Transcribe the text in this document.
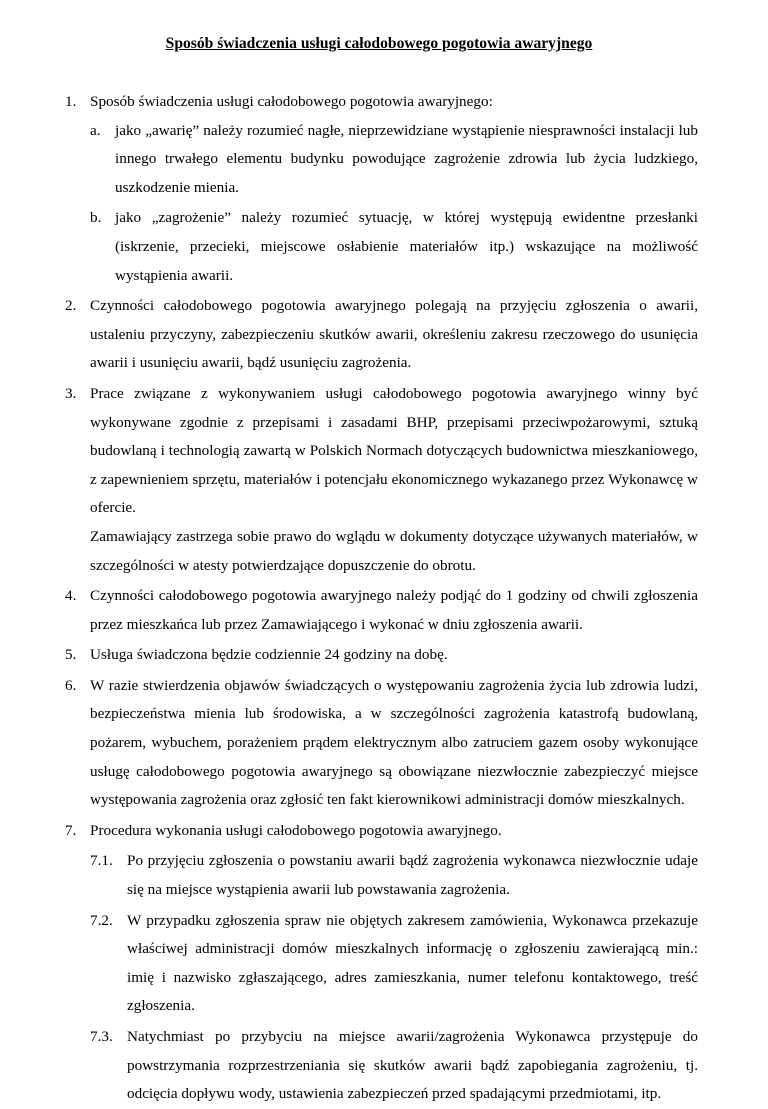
Sposób świadczenia usługi całodobowego pogotowia awaryjnego
1. Sposób świadczenia usługi całodobowego pogotowia awaryjnego:
a. jako „awarię” należy rozumieć nagłe, nieprzewidziane wystąpienie niesprawności instalacji lub innego trwałego elementu budynku powodujące zagrożenie zdrowia lub życia ludzkiego, uszkodzenie mienia.
b. jako „zagrożenie” należy rozumieć sytuację, w której występują ewidentne przesłanki (iskrzenie, przecieki, miejscowe osłabienie materiałów itp.) wskazujące na możliwość wystąpienia awarii.
2. Czynności całodobowego pogotowia awaryjnego polegają na przyjęciu zgłoszenia o awarii, ustaleniu przyczyny, zabezpieczeniu skutków awarii, określeniu zakresu rzeczowego do usunięcia awarii i usunięciu awarii, bądź usunięciu zagrożenia.
3. Prace związane z wykonywaniem usługi całodobowego pogotowia awaryjnego winny być wykonywane zgodnie z przepisami i zasadami BHP, przepisami przeciwpożarowymi, sztuką budowlaną i technologią zawartą w Polskich Normach dotyczących budownictwa mieszkaniowego, z zapewnieniem sprzętu, materiałów i potencjału ekonomicznego wykazanego przez Wykonawcę w ofercie.
Zamawiający zastrzega sobie prawo do wglądu w dokumenty dotyczące używanych materiałów, w szczególności w atesty potwierdzające dopuszczenie do obrotu.
4. Czynności całodobowego pogotowia awaryjnego należy podjąć do 1 godziny od chwili zgłoszenia przez mieszkańca lub przez Zamawiającego i wykonać w dniu zgłoszenia awarii.
5. Usługa świadczona będzie codziennie 24 godziny na dobę.
6. W razie stwierdzenia objawów świadczących o występowaniu zagrożenia życia lub zdrowia ludzi, bezpieczeństwa mienia lub środowiska, a w szczególności zagrożenia katastrofą budowlaną, pożarem, wybuchem, porażeniem prądem elektrycznym albo zatruciem gazem osoby wykonujące usługę całodobowego pogotowia awaryjnego są obowiązane niezwłocznie zabezpieczyć miejsce występowania zagrożenia oraz zgłosić ten fakt kierownikowi administracji domów mieszkalnych.
7. Procedura wykonania usługi całodobowego pogotowia awaryjnego.
7.1. Po przyjęciu zgłoszenia o powstaniu awarii bądź zagrożenia wykonawca niezwłocznie udaje się na miejsce wystąpienia awarii lub powstawania zagrożenia.
7.2. W przypadku zgłoszenia spraw nie objętych zakresem zamówienia, Wykonawca przekazuje właściwej administracji domów mieszkalnych informację o zgłoszeniu zawierającą min.: imię i nazwisko zgłaszającego, adres zamieszkania, numer telefonu kontaktowego, treść zgłoszenia.
7.3. Natychmiast po przybyciu na miejsce awarii/zagrożenia Wykonawca przystępuje do powstrzymania rozprzestrzeniania się skutków awarii bądź zapobiegania zagrożeniu, tj. odcięcia dopływu wody, ustawienia zabezpieczeń przed spadającymi przedmiotami, itp.
